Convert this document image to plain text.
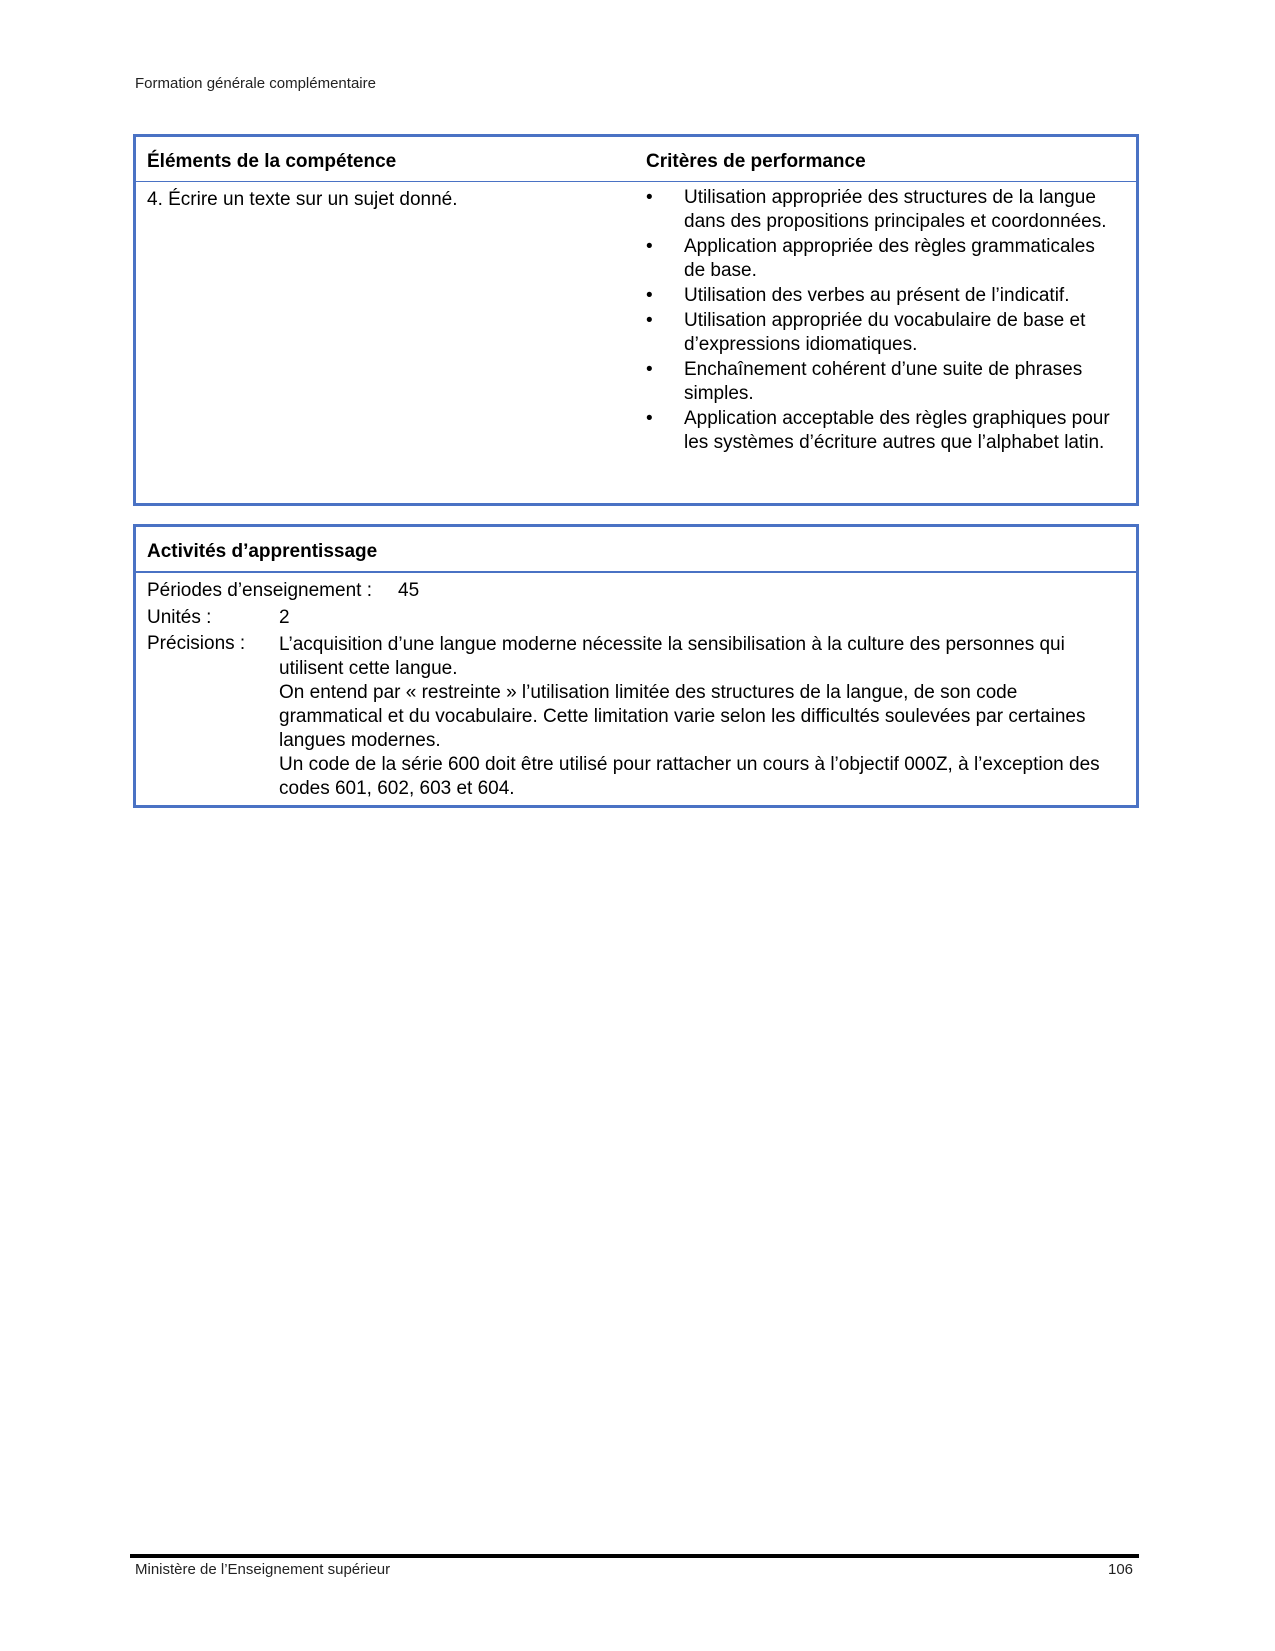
Formation générale complémentaire
Éléments de la compétence	Critères de performance
4. Écrire un texte sur un sujet donné.	• Utilisation appropriée des structures de la langue dans des propositions principales et coordonnées.
• Application appropriée des règles grammaticales de base.
• Utilisation des verbes au présent de l’indicatif.
• Utilisation appropriée du vocabulaire de base et d’expressions idiomatiques.
• Enchaînement cohérent d’une suite de phrases simples.
• Application acceptable des règles graphiques pour les systèmes d’écriture autres que l’alphabet latin.
Activités d’apprentissage
Périodes d’enseignement : 45
Unités :	2
Précisions : L’acquisition d’une langue moderne nécessite la sensibilisation à la culture des personnes qui utilisent cette langue.

On entend par « restreinte » l’utilisation limitée des structures de la langue, de son code grammatical et du vocabulaire. Cette limitation varie selon les difficultés soulevées par certaines langues modernes.

Un code de la série 600 doit être utilisé pour rattacher un cours à l’objectif 000Z, à l’exception des codes 601, 602, 603 et 604.

Ministère de l’Enseignement supérieur	106
